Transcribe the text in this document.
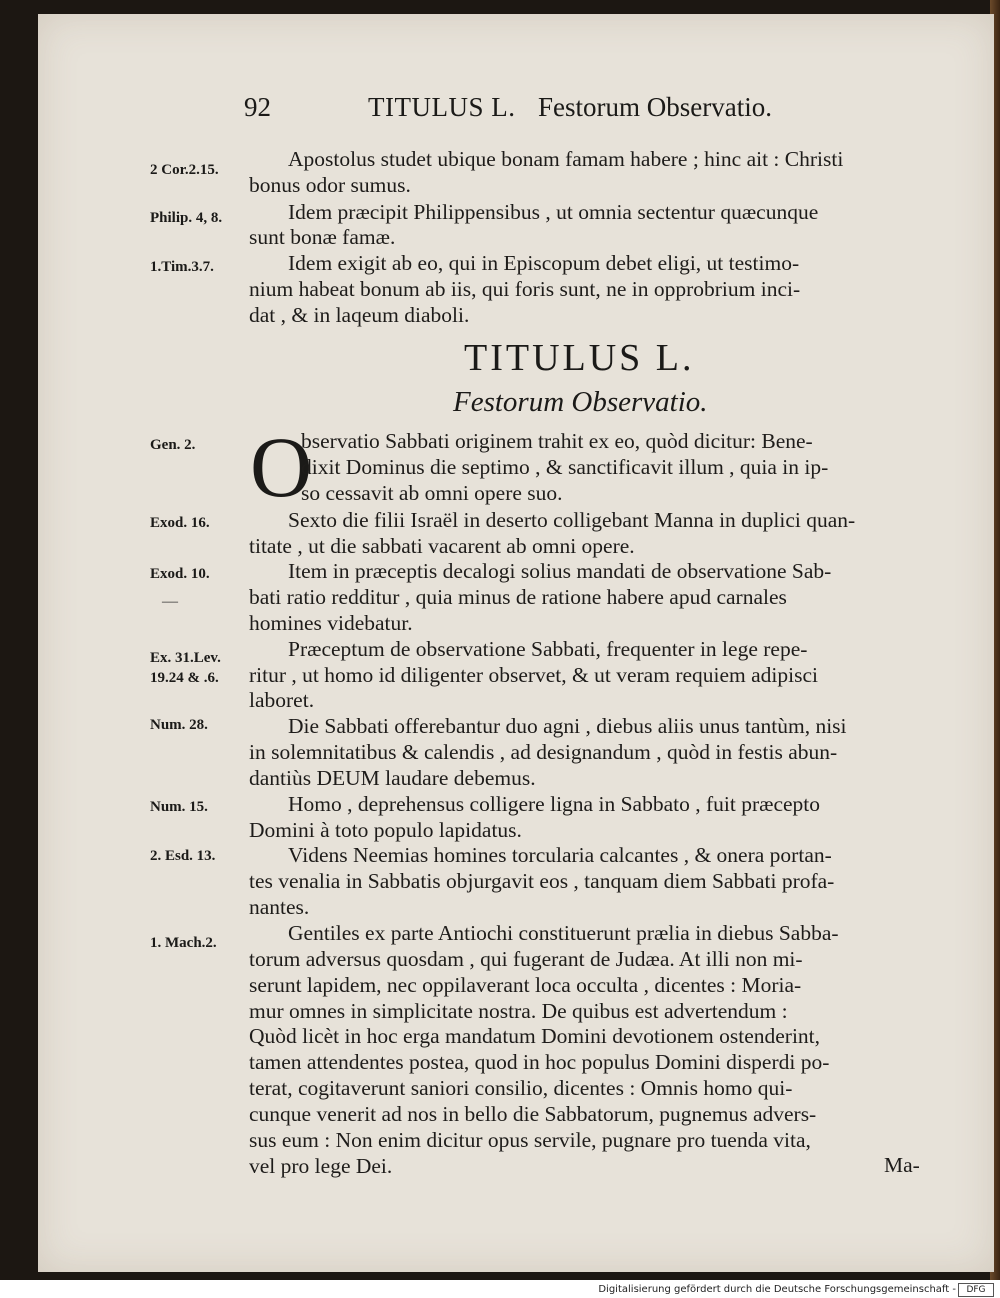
92	TITULUS L. Festorum Observatio.
2 Cor.2.15.
Philip. 4, 8.
1.Tim.3.7.
Apostolus studet ubique bonam famam habere ; hinc ait : Christi
bonus odor sumus.
Idem præcipit Philippensibus , ut omnia sectentur quæcunque
sunt bonæ famæ.
Idem exigit ab eo, qui in Episcopum debet eligi, ut testimo-
nium habeat bonum ab iis, qui foris sunt, ne in opprobrium inci-
dat , & in laqeum diaboli.
TITULUS L.
Festorum Observatio.
Gen. 2.
Exod. 16.
Exod. 10.
—
Ex. 31.Lev.
19.24 & .6.
Num. 28.
Num. 15.
2. Esd. 13.
1. Mach.2.
O
bservatio Sabbati originem trahit ex eo, quòd dicitur: Bene-
dixit Dominus die septimo , & sanctificavit illum , quia in ip-
so cessavit ab omni opere suo.
Sexto die filii Israël in deserto colligebant Manna in duplici quan-
titate , ut die sabbati vacarent ab omni opere.
Item in præceptis decalogi solius mandati de observatione Sab-
bati ratio redditur , quia minus de ratione habere apud carnales
homines videbatur.
Præceptum de observatione Sabbati, frequenter in lege repe-
ritur , ut homo id diligenter observet, & ut veram requiem adipisci
laboret.
Die Sabbati offerebantur duo agni , diebus aliis unus tantùm, nisi
in solemnitatibus & calendis , ad designandum , quòd in festis abun-
dantiùs DEUM laudare debemus.
Homo , deprehensus colligere ligna in Sabbato , fuit præcepto
Domini à toto populo lapidatus.
Videns Neemias homines torcularia calcantes , & onera portan-
tes venalia in Sabbatis objurgavit eos , tanquam diem Sabbati profa-
nantes.
Gentiles ex parte Antiochi constituerunt prælia in diebus Sabba-
torum adversus quosdam , qui fugerant de Judæa. At illi non mi-
serunt lapidem, nec oppilaverant loca occulta , dicentes : Moria-
mur omnes in simplicitate nostra. De quibus est advertendum :
Quòd licèt in hoc erga mandatum Domini devotionem ostenderint,
tamen attendentes postea, quod in hoc populus Domini disperdi po-
terat, cogitaverunt saniori consilio, dicentes : Omnis homo qui-
cunque venerit ad nos in bello die Sabbatorum, pugnemus advers-
sus eum : Non enim dicitur opus servile, pugnare pro tuenda vita,
vel pro lege Dei.	Ma-
Digitalisierung gefördert durch die Deutsche Forschungsgemeinschaft -	DFG
